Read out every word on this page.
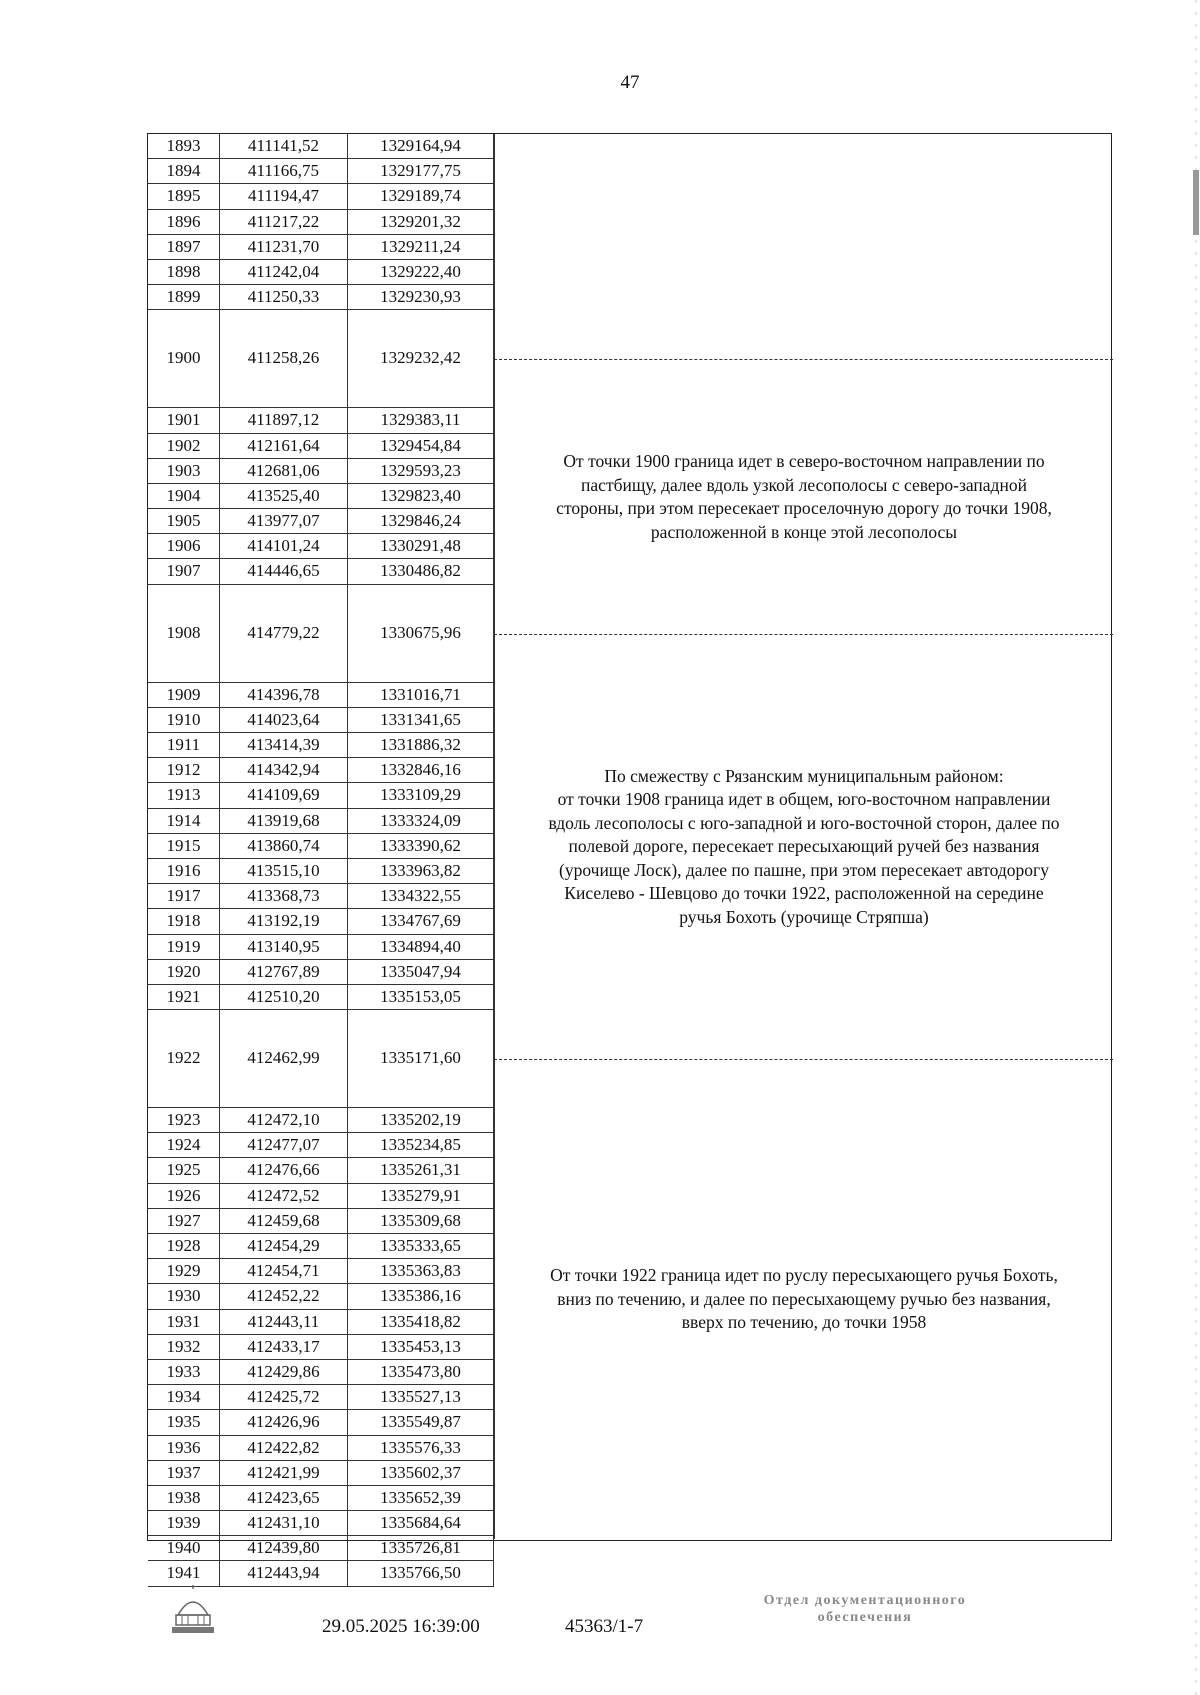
47
1893	411141,52	1329164,94
1894	411166,75	1329177,75
1895	411194,47	1329189,74
1896	411217,22	1329201,32
1897	411231,70	1329211,24
1898	411242,04	1329222,40
1899	411250,33	1329230,93
1900	411258,26	1329232,42
1901	411897,12	1329383,11
1902	412161,64	1329454,84
1903	412681,06	1329593,23
1904	413525,40	1329823,40
1905	413977,07	1329846,24
1906	414101,24	1330291,48
1907	414446,65	1330486,82
1908	414779,22	1330675,96
1909	414396,78	1331016,71
1910	414023,64	1331341,65
1911	413414,39	1331886,32
1912	414342,94	1332846,16
1913	414109,69	1333109,29
1914	413919,68	1333324,09
1915	413860,74	1333390,62
1916	413515,10	1333963,82
1917	413368,73	1334322,55
1918	413192,19	1334767,69
1919	413140,95	1334894,40
1920	412767,89	1335047,94
1921	412510,20	1335153,05
1922	412462,99	1335171,60
1923	412472,10	1335202,19
1924	412477,07	1335234,85
1925	412476,66	1335261,31
1926	412472,52	1335279,91
1927	412459,68	1335309,68
1928	412454,29	1335333,65
1929	412454,71	1335363,83
1930	412452,22	1335386,16
1931	412443,11	1335418,82
1932	412433,17	1335453,13
1933	412429,86	1335473,80
1934	412425,72	1335527,13
1935	412426,96	1335549,87
1936	412422,82	1335576,33
1937	412421,99	1335602,37
1938	412423,65	1335652,39
1939	412431,10	1335684,64
1940	412439,80	1335726,81
1941	412443,94	1335766,50
От точки 1900 граница идет в северо-восточном направлении по
пастбищу, далее вдоль узкой лесополосы с северо-западной
стороны, при этом пересекает проселочную дорогу до точки 1908,
расположенной в конце этой лесополосы
По смежеству с Рязанским муниципальным районом:
от точки 1908 граница идет в общем, юго-восточном направлении
вдоль лесополосы с юго-западной и юго-восточной сторон, далее по
полевой дороге, пересекает пересыхающий ручей без названия
(урочище Лоск), далее по пашне, при этом пересекает автодорогу
Киселево - Шевцово до точки 1922, расположенной на середине
ручья Бохоть (урочище Стряпша)
От точки 1922 граница идет по руслу пересыхающего ручья Бохоть,
вниз по течению, и далее по пересыхающему ручью без названия,
вверх по течению, до точки 1958
29.05.2025 16:39:00	45363/1-7
Отдел документационного
обеспечения
